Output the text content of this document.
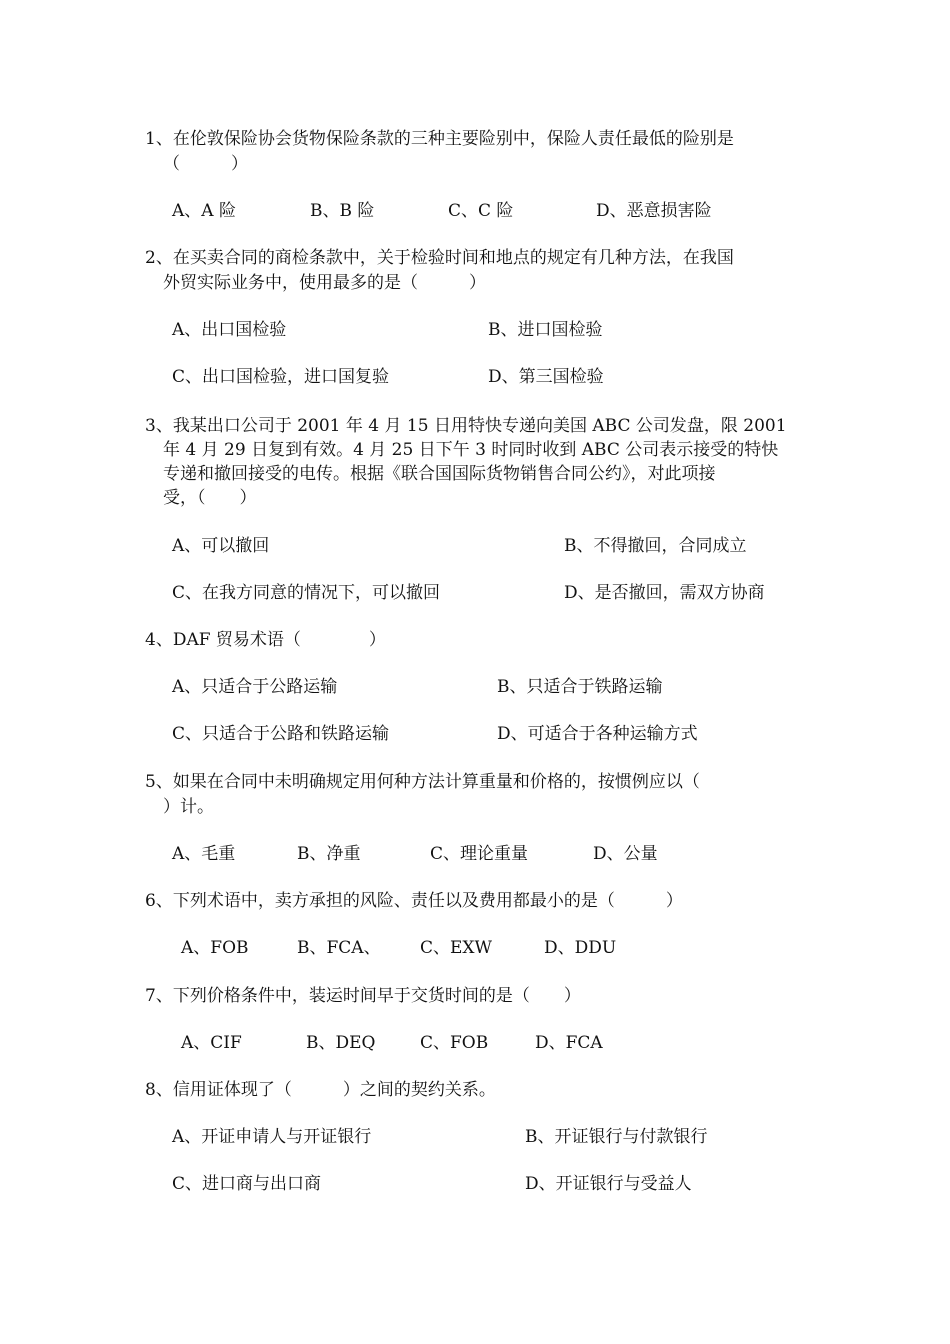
1、在伦敦保险协会货物保险条款的三种主要险别中，保险人责任最低的险别是
（　　　）
A、A 险	B、B 险	C、C 险	D、恶意损害险
2、在买卖合同的商检条款中，关于检验时间和地点的规定有几种方法，在我国
外贸实际业务中，使用最多的是（　　　）
A、出口国检验	B、进口国检验
C、出口国检验，进口国复验	D、第三国检验
3、我某出口公司于 2001 年 4 月 15 日用特快专递向美国 ABC 公司发盘，限 2001
年 4 月 29 日复到有效。4 月 25 日下午 3 时同时收到 ABC 公司表示接受的特快
专递和撤回接受的电传。根据《联合国国际货物销售合同公约》，对此项接
受，（　　）
A、可以撤回	B、不得撤回，合同成立
C、在我方同意的情况下，可以撤回	D、是否撤回，需双方协商
4、DAF 贸易术语（　　　　）
A、只适合于公路运输	B、只适合于铁路运输
C、只适合于公路和铁路运输	D、可适合于各种运输方式
5、如果在合同中未明确规定用何种方法计算重量和价格的，按惯例应以（
）计。
A、毛重	B、净重	C、理论重量	D、公量
6、下列术语中，卖方承担的风险、责任以及费用都最小的是（　　　）
A、FOB	B、FCA、 C、EXW	D、DDU
7、下列价格条件中，装运时间早于交货时间的是（　　）
A、CIF	B、DEQ	C、FOB	D、FCA
8、信用证体现了（　　　）之间的契约关系。
A、开证申请人与开证银行	B、开证银行与付款银行
C、进口商与出口商	D、开证银行与受益人
